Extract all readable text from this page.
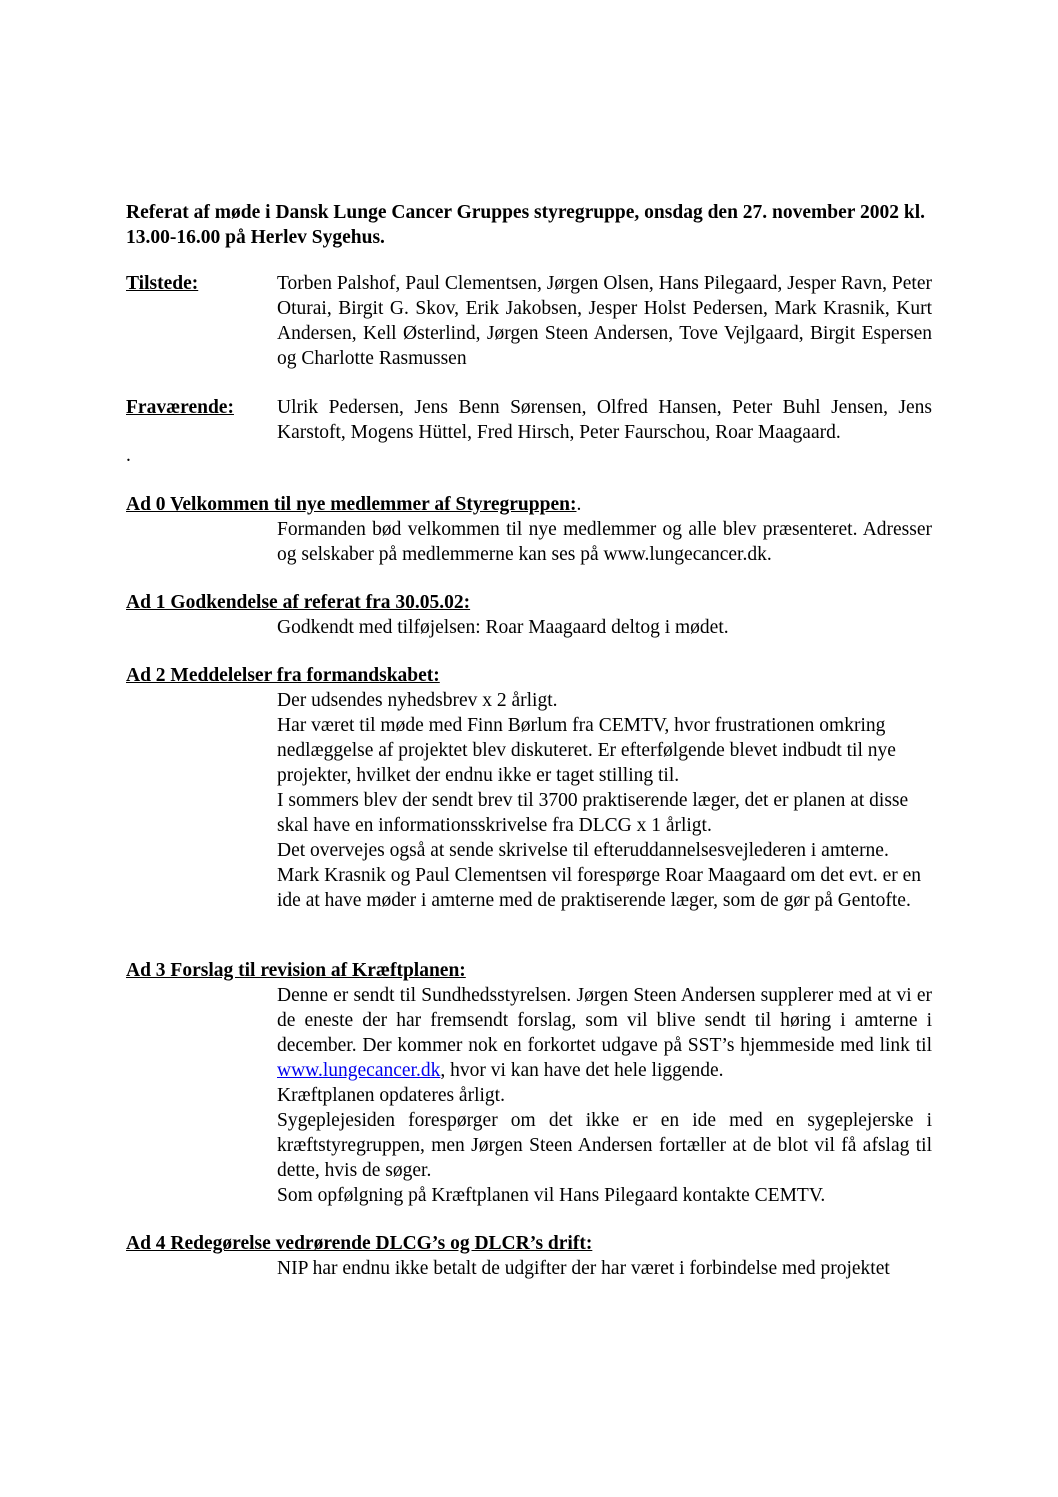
Referat af møde i Dansk Lunge Cancer Gruppes styregruppe, onsdag den 27. november 2002 kl. 13.00-16.00 på Herlev Sygehus.

Tilstede:	Torben Palshof, Paul Clementsen, Jørgen Olsen, Hans Pilegaard, Jesper Ravn, Peter Oturai, Birgit G. Skov, Erik Jakobsen, Jesper Holst Pedersen, Mark Krasnik, Kurt Andersen, Kell Østerlind, Jørgen Steen Andersen, Tove Vejlgaard, Birgit Espersen og Charlotte Rasmussen

Fraværende:	Ulrik Pedersen, Jens Benn Sørensen, Olfred Hansen, Peter Buhl Jensen, Jens Karstoft, Mogens Hüttel, Fred Hirsch, Peter Faurschou, Roar Maagaard.

.

Ad 0 Velkommen til nye medlemmer af Styregruppen:.

Formanden bød velkommen til nye medlemmer og alle blev præsenteret. Adresser og selskaber på medlemmerne kan ses på www.lungecancer.dk.

Ad 1 Godkendelse af referat fra 30.05.02:

Godkendt med tilføjelsen: Roar Maagaard deltog i mødet.

Ad 2 Meddelelser fra formandskabet:

Der udsendes nyhedsbrev x 2 årligt.

Har været til møde med Finn Børlum fra CEMTV, hvor frustrationen omkring nedlæggelse af projektet blev diskuteret. Er efterfølgende blevet indbudt til nye projekter, hvilket der endnu ikke er taget stilling til.

I sommers blev der sendt brev til 3700 praktiserende læger, det er planen at disse skal have en informationsskrivelse fra DLCG x 1 årligt.

Det overvejes også at sende skrivelse til efteruddannelsesvejlederen i amterne. Mark Krasnik og Paul Clementsen vil forespørge Roar Maagaard om det evt. er en ide at have møder i amterne med de praktiserende læger, som de gør på Gentofte.

Ad 3 Forslag til revision af Kræftplanen:

Denne er sendt til Sundhedsstyrelsen. Jørgen Steen Andersen supplerer med at vi er de eneste der har fremsendt forslag, som vil blive sendt til høring i amterne i december. Der kommer nok en forkortet udgave på SST’s hjemmeside med link til www.lungecancer.dk, hvor vi kan have det hele liggende.

Kræftplanen opdateres årligt.

Sygeplejesiden forespørger om det ikke er en ide med en sygeplejerske i kræftstyregruppen, men Jørgen Steen Andersen fortæller at de blot vil få afslag til dette, hvis de søger.

Som opfølgning på Kræftplanen vil Hans Pilegaard kontakte CEMTV.

Ad 4 Redegørelse vedrørende DLCG’s og DLCR’s drift:

NIP har endnu ikke betalt de udgifter der har været i forbindelse med projektet
